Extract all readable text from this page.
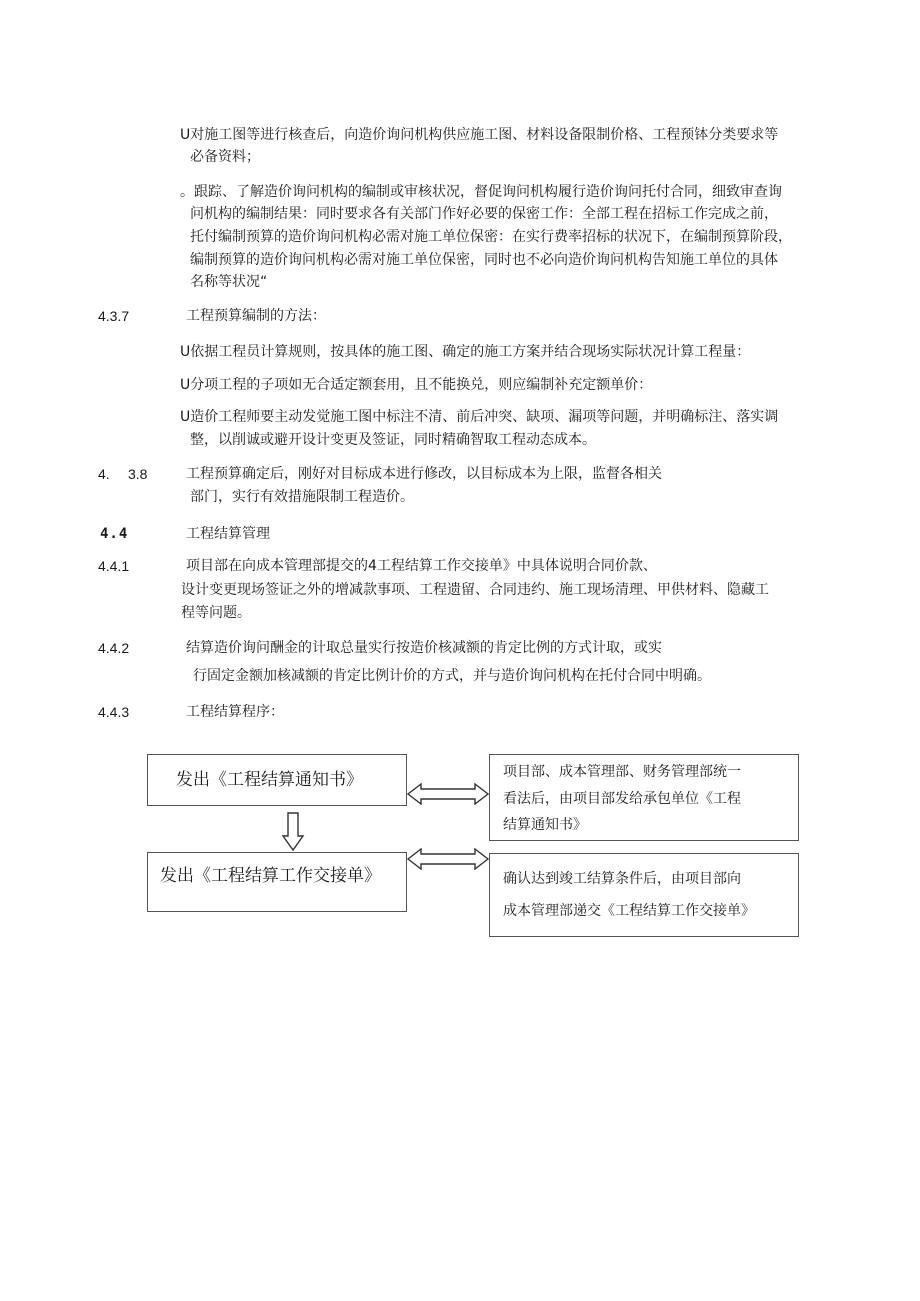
U对施工图等进行核查后，向造价询问机构供应施工图、材料设备限制价格、工程预钵分类要求等
必备资料；
。跟踪、了解造价询问机构的编制或审核状况，督促询问机构履行造价询问托付合同，细致审查询
问机构的编制结果：同时要求各有关部门作好必要的保密工作：全部工程在招标工作完成之前，
托付编制预算的造价询问机构必需对施工单位保密：在实行费率招标的状况下，在编制预算阶段，
编制预算的造价询问机构必需对施工单位保密，同时也不必向造价询问机构告知施工单位的具体
名称等状况“
4.3.7	工程预算编制的方法：
U依据工程员计算规则，按具体的施工图、确定的施工方案并结合现场实际状况计算工程量：
U分项工程的子项如无合适定额套用，且不能换兑，则应编制补充定额单价：
U造价工程师要主动发觉施工图中标注不清、前后冲突、缺项、漏项等问题，并明确标注、落实调
整，以削诚或避开设计变更及签证，同时精确智取工程动态成本。
4. 3.8	工程预算确定后，刚好对目标成本进行修改，以目标成本为上限，监督各相关
部门，实行有效措施限制工程造价。
4.4	工程结算管理
4.4.1	项目部在向成本管理部提交的4工程结算工作交接单》中具体说明合同价款、
设计变更现场签证之外的增减款事项、工程遗留、合同违约、施工现场清理、甲供材料、隐藏工
程等问题。
4.4.2	结算造价询问酬金的计取总量实行按造价核减额的肯定比例的方式计取，或实
行固定金额加核减额的肯定比例计价的方式，并与造价询问机构在托付合同中明确。
4.4.3	工程结算程序：
发出《工程结算通知书》
发出《工程结算工作交接单》
项目部、成本管理部、财务管理部统一
看法后，由项目部发给承包单位《工程
结算通知书》
确认达到竣工结算条件后，由项目部向
成本管理部递交《工程结算工作交接单》
